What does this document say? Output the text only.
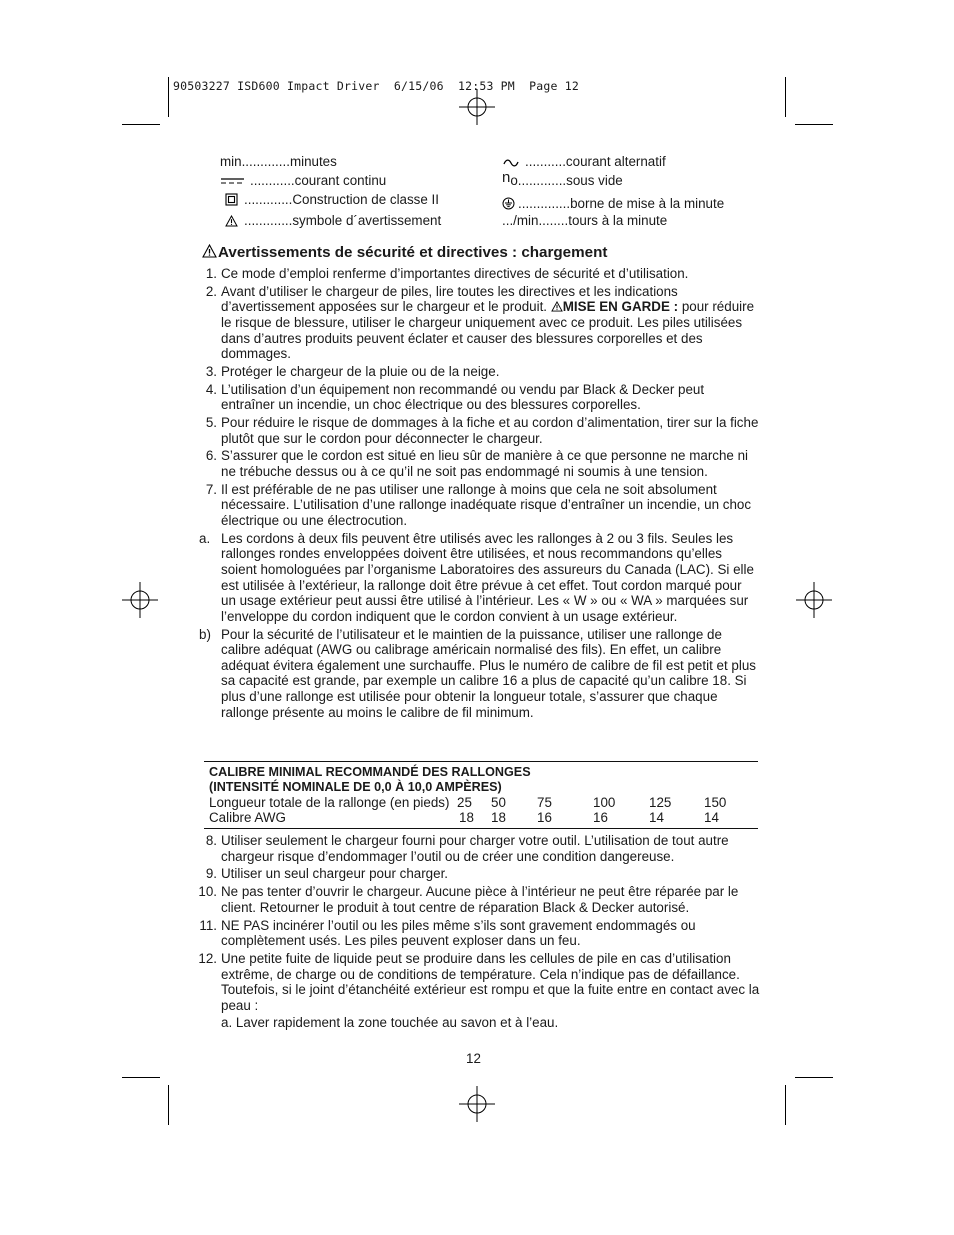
90503227 ISD600 Impact Driver  6/15/06  12:53 PM  Page 12
min.............minutes
............courant continu
.............Construction de classe II
.............symbole d´avertissement
...........courant alternatif
no.............sous vide
..............borne de mise à la minute
.../min........tours à la minute
Avertissements de sécurité et directives : chargement
1. Ce mode d’emploi renferme d’importantes directives de sécurité et d’utilisation.
2. Avant d’utiliser le chargeur de piles, lire toutes les directives et les indications d’avertissement apposées sur le chargeur et le produit. MISE EN GARDE : pour réduire le risque de blessure, utiliser le chargeur uniquement avec ce produit. Les piles utilisées dans d’autres produits peuvent éclater et causer des blessures corporelles et des dommages.
3. Protéger le chargeur de la pluie ou de la neige.
4. L’utilisation d’un équipement non recommandé ou vendu par Black & Decker peut entraîner un incendie, un choc électrique ou des blessures corporelles.
5. Pour réduire le risque de dommages à la fiche et au cordon d’alimentation, tirer sur la fiche plutôt que sur le cordon pour déconnecter le chargeur.
6. S’assurer que le cordon est situé en lieu sûr de manière à ce que personne ne marche ni ne trébuche dessus ou à ce qu’il ne soit pas endommagé ni soumis à une tension.
7. Il est préférable de ne pas utiliser une rallonge à moins que cela ne soit absolument nécessaire. L’utilisation d’une rallonge inadéquate risque d’entraîner un incendie, un choc électrique ou une électrocution.
a. Les cordons à deux fils peuvent être utilisés avec les rallonges à 2 ou 3 fils. Seules les rallonges rondes enveloppées doivent être utilisées, et nous recommandons qu’elles soient homologuées par l’organisme Laboratoires des assureurs du Canada (LAC). Si elle est utilisée à l’extérieur, la rallonge doit être prévue à cet effet. Tout cordon marqué pour un usage extérieur peut aussi être utilisé à l’intérieur. Les « W » ou « WA » marquées sur l’enveloppe du cordon indiquent que le cordon convient à un usage extérieur.
b) Pour la sécurité de l’utilisateur et le maintien de la puissance, utiliser une rallonge de calibre adéquat (AWG ou calibrage américain normalisé des fils). En effet, un calibre adéquat évitera également une surchauffe. Plus le numéro de calibre de fil est petit et plus sa capacité est grande, par exemple un calibre 16 a plus de capacité qu’un calibre 18. Si plus d’une rallonge est utilisée pour obtenir la longueur totale, s’assurer que chaque rallonge présente au moins le calibre de fil minimum.
CALIBRE MINIMAL RECOMMANDÉ DES RALLONGES
(INTENSITÉ NOMINALE DE 0,0 À 10,0 AMPÈRES)
Longueur totale de la rallonge (en pieds) 25 50 75	100	125 150
Calibre AWG	18 18 16	16	14	14
8. Utiliser seulement le chargeur fourni pour charger votre outil. L’utilisation de tout autre chargeur risque d’endommager l’outil ou de créer une condition dangereuse.
9. Utiliser un seul chargeur pour charger.
10. Ne pas tenter d’ouvrir le chargeur. Aucune pièce à l’intérieur ne peut être réparée par le client. Retourner le produit à tout centre de réparation Black & Decker autorisé.
11. NE PAS incinérer l’outil ou les piles même s’ils sont gravement endommagés ou complètement usés. Les piles peuvent exploser dans un feu.
12. Une petite fuite de liquide peut se produire dans les cellules de pile en cas d’utilisation extrême, de charge ou de conditions de température. Cela n’indique pas de défaillance. Toutefois, si le joint d’étanchéité extérieur est rompu et que la fuite entre en contact avec la peau :
a. Laver rapidement la zone touchée au savon et à l’eau.
12
